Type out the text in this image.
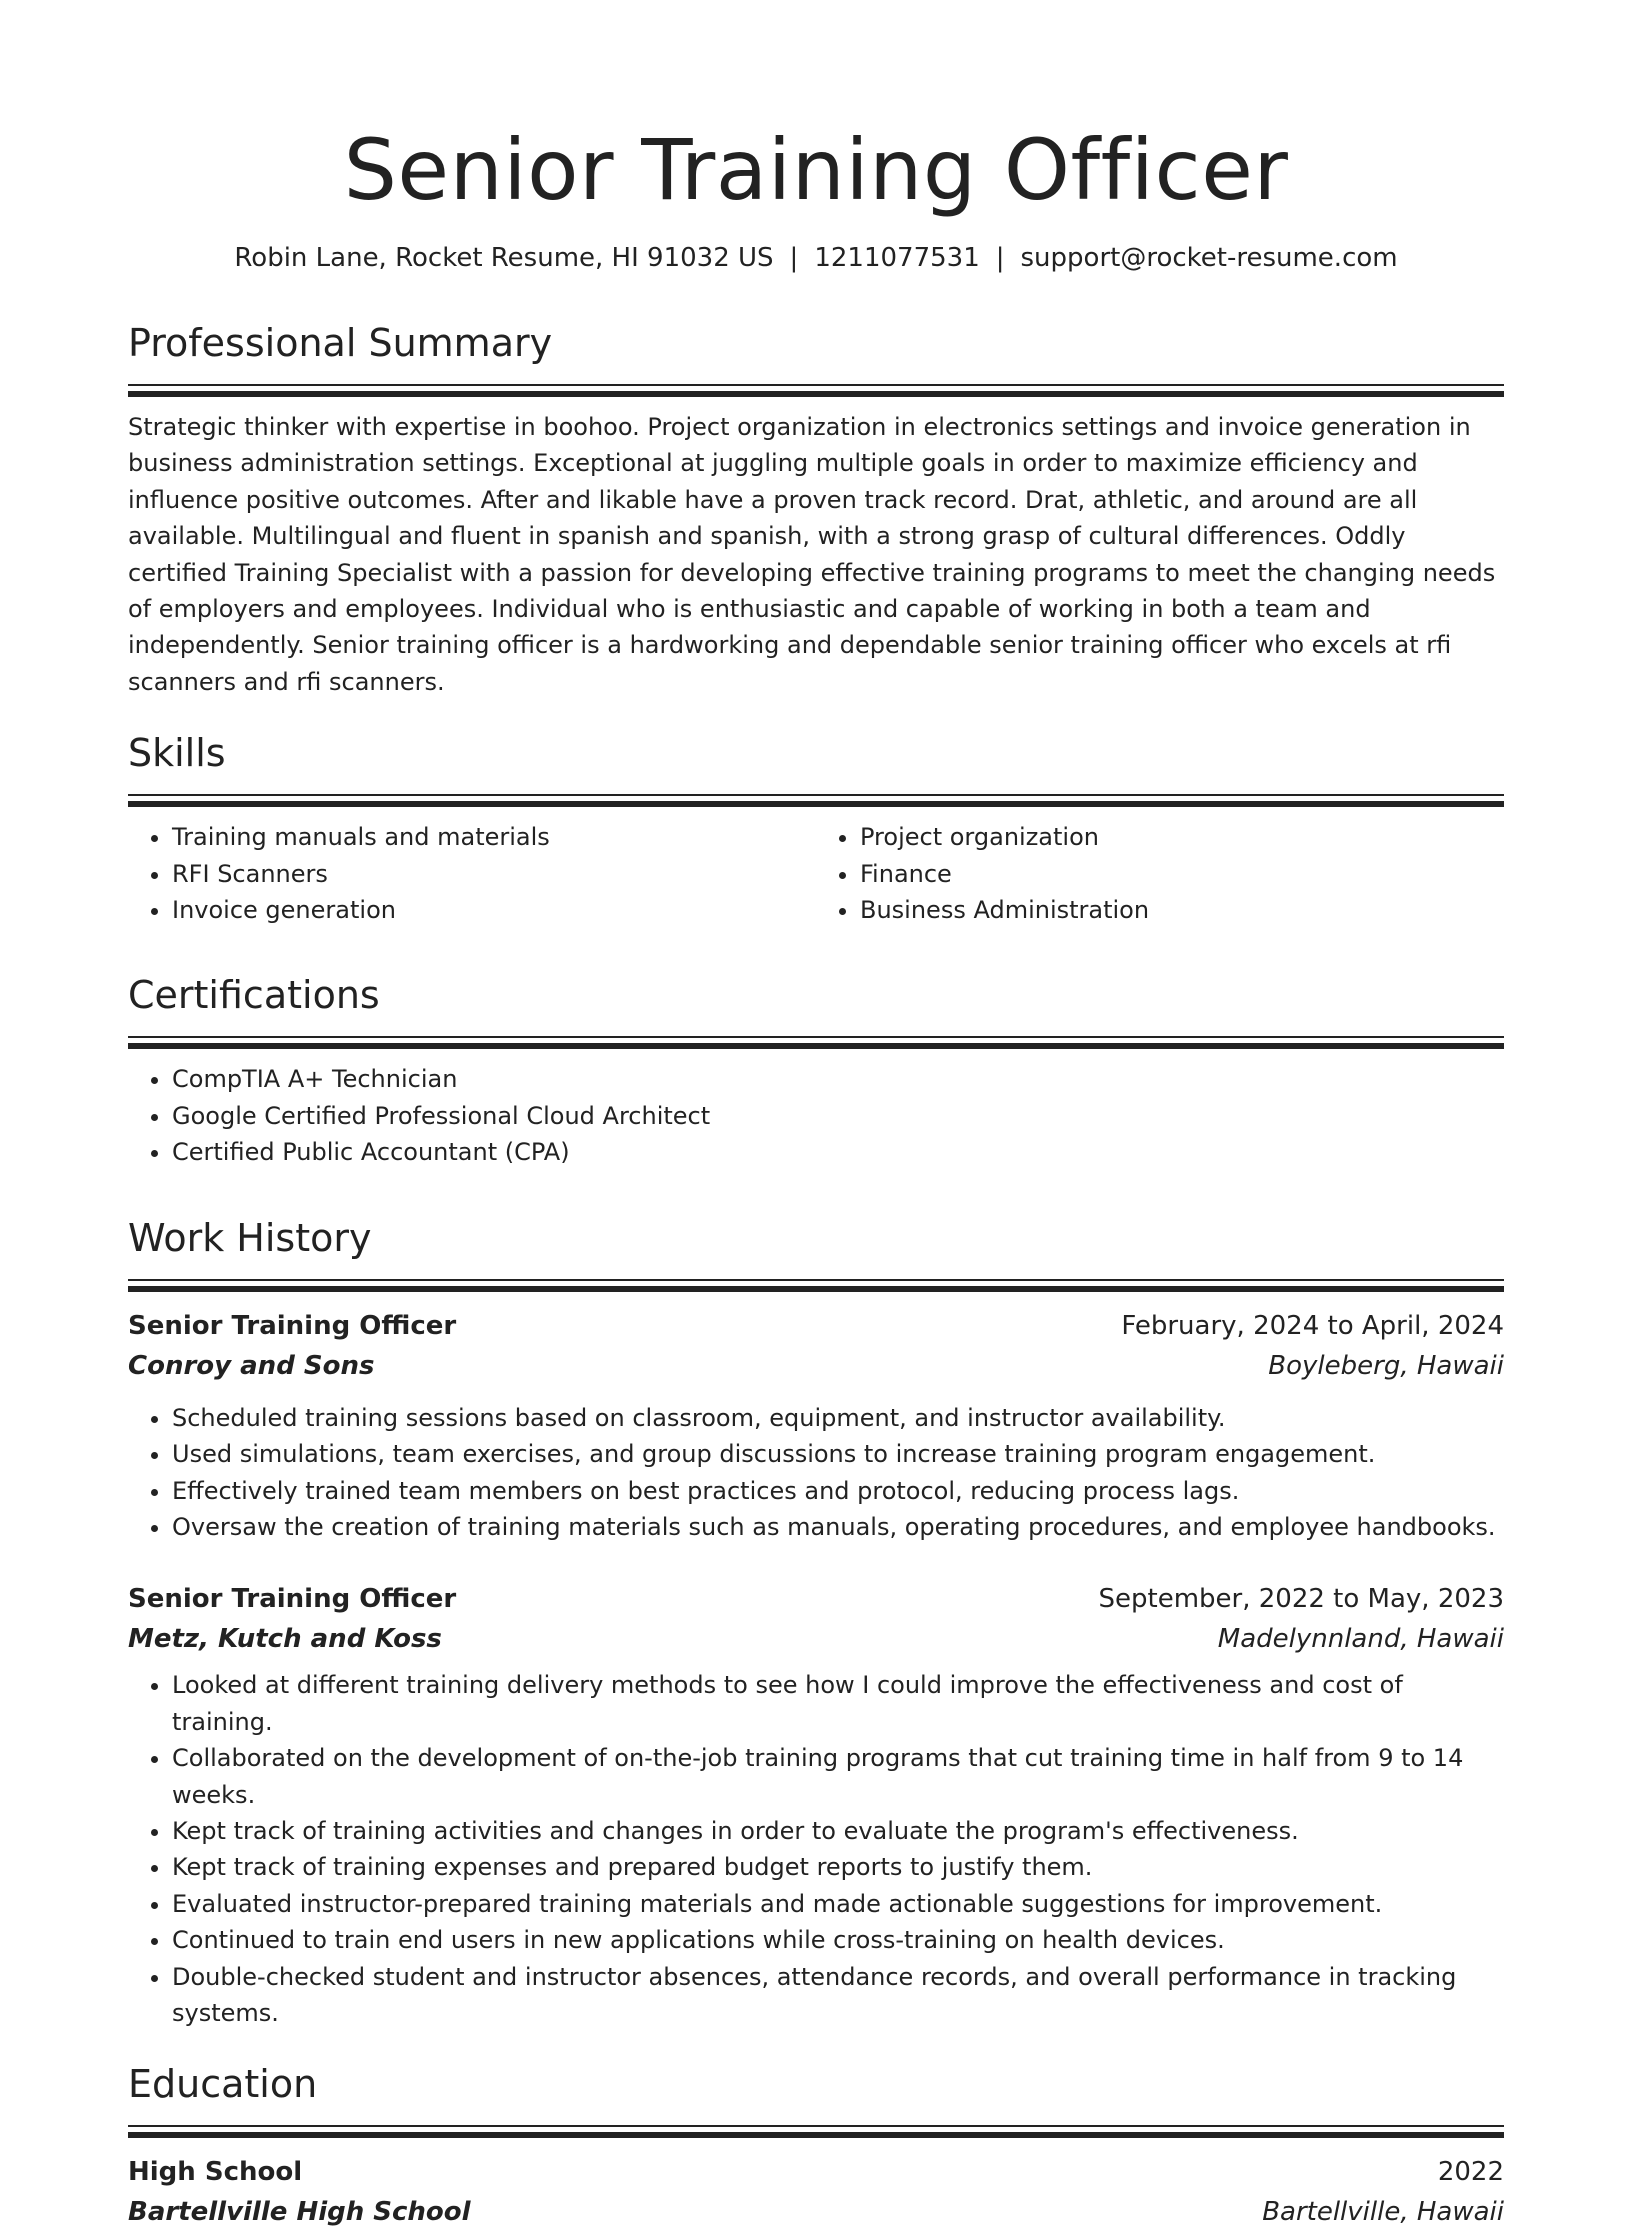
Senior Training Officer
Robin Lane, Rocket Resume, HI 91032 US | 1211077531 | support@rocket-resume.com
Professional Summary

Strategic thinker with expertise in boohoo. Project organization in electronics settings and invoice generation in business administration settings. Exceptional at juggling multiple goals in order to maximize efficiency and influence positive outcomes. After and likable have a proven track record. Drat, athletic, and around are all available. Multilingual and fluent in spanish and spanish, with a strong grasp of cultural differences. Oddly certified Training Specialist with a passion for developing effective training programs to meet the changing needs of employers and employees. Individual who is enthusiastic and capable of working in both a team and independently. Senior training officer is a hardworking and dependable senior training officer who excels at rfi scanners and rfi scanners.

Skills
• Training manuals and materials
• RFI Scanners
• Invoice generation
• Project organization
• Finance
• Business Administration
Certifications
• CompTIA A+ Technician
• Google Certified Professional Cloud Architect
• Certified Public Accountant (CPA)
Work History
Senior Training Officer	February, 2024 to April, 2024
Conroy and Sons	Boyleberg, Hawaii
• Scheduled training sessions based on classroom, equipment, and instructor availability.
• Used simulations, team exercises, and group discussions to increase training program engagement.
• Effectively trained team members on best practices and protocol, reducing process lags.
• Oversaw the creation of training materials such as manuals, operating procedures, and employee handbooks.
Senior Training Officer	September, 2022 to May, 2023
Metz, Kutch and Koss	Madelynnland, Hawaii
• Looked at different training delivery methods to see how I could improve the effectiveness and cost of training.
• Collaborated on the development of on-the-job training programs that cut training time in half from 9 to 14 weeks.
• Kept track of training activities and changes in order to evaluate the program's effectiveness.
• Kept track of training expenses and prepared budget reports to justify them.
• Evaluated instructor-prepared training materials and made actionable suggestions for improvement.
• Continued to train end users in new applications while cross-training on health devices.
• Double-checked student and instructor absences, attendance records, and overall performance in tracking systems.
Education
High School	2022
Bartellville High School	Bartellville, Hawaii
